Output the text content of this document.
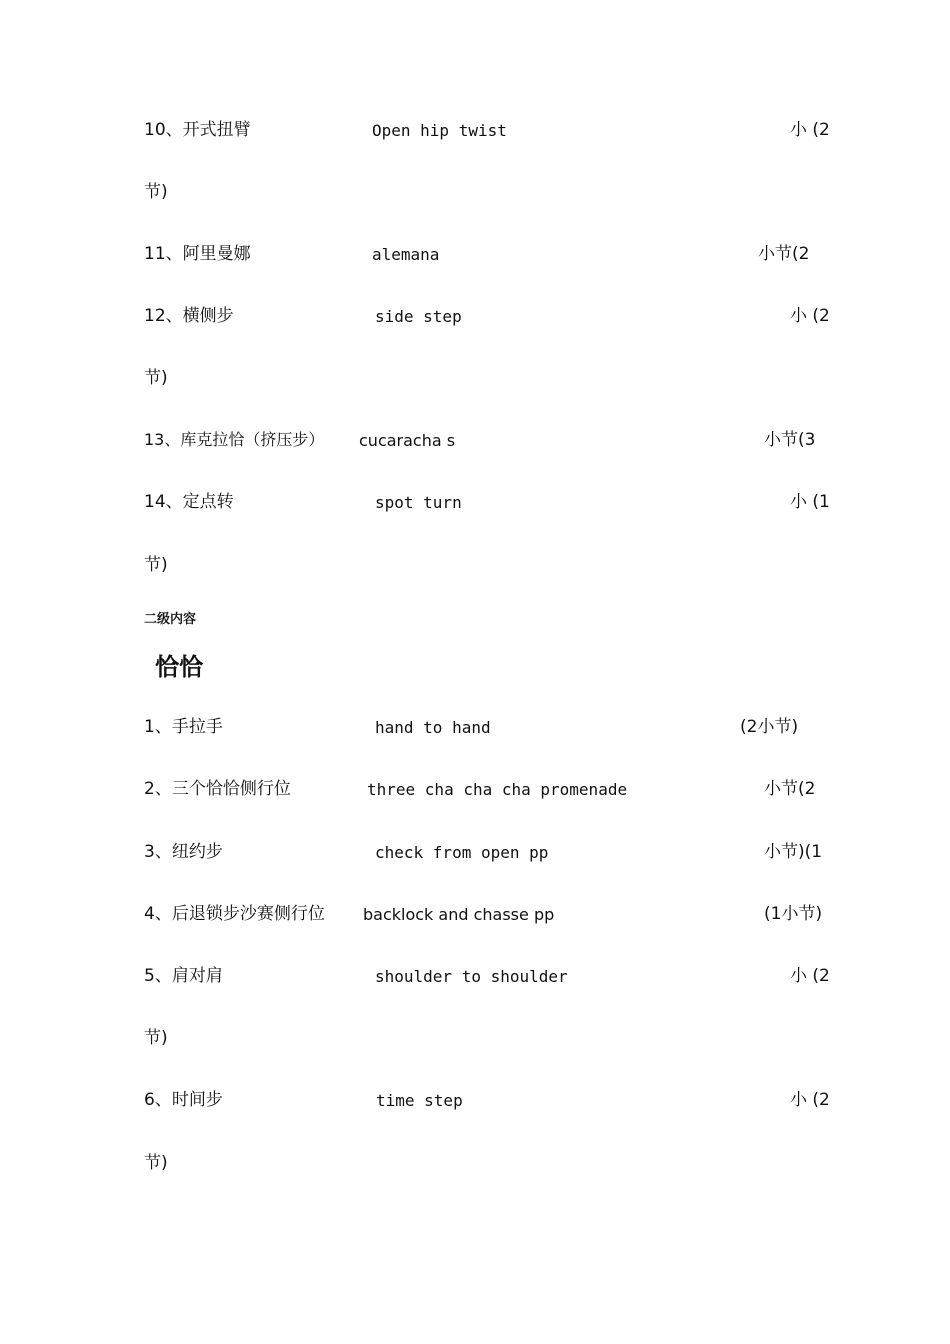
10、开式扭臂	Open hip twist	小 (2
节)
11、阿里曼娜	alemana	小节(2
12、横侧步	side step	小 (2
节)
13、库克拉恰（挤压步） cucaracha s	小节(3
14、定点转	spot turn	小 (1
节)
二级内容
恰恰
1、手拉手	hand to hand	(2小节)
2、三个恰恰侧行位	three cha cha cha promenade	小节(2
3、纽约步	check from open pp	小节)(1
4、后退锁步沙赛侧行位 backlock and chasse pp	(1小节)
5、肩对肩	shoulder to shoulder	小 (2
节)
6、时间步	time step	小 (2
节)
